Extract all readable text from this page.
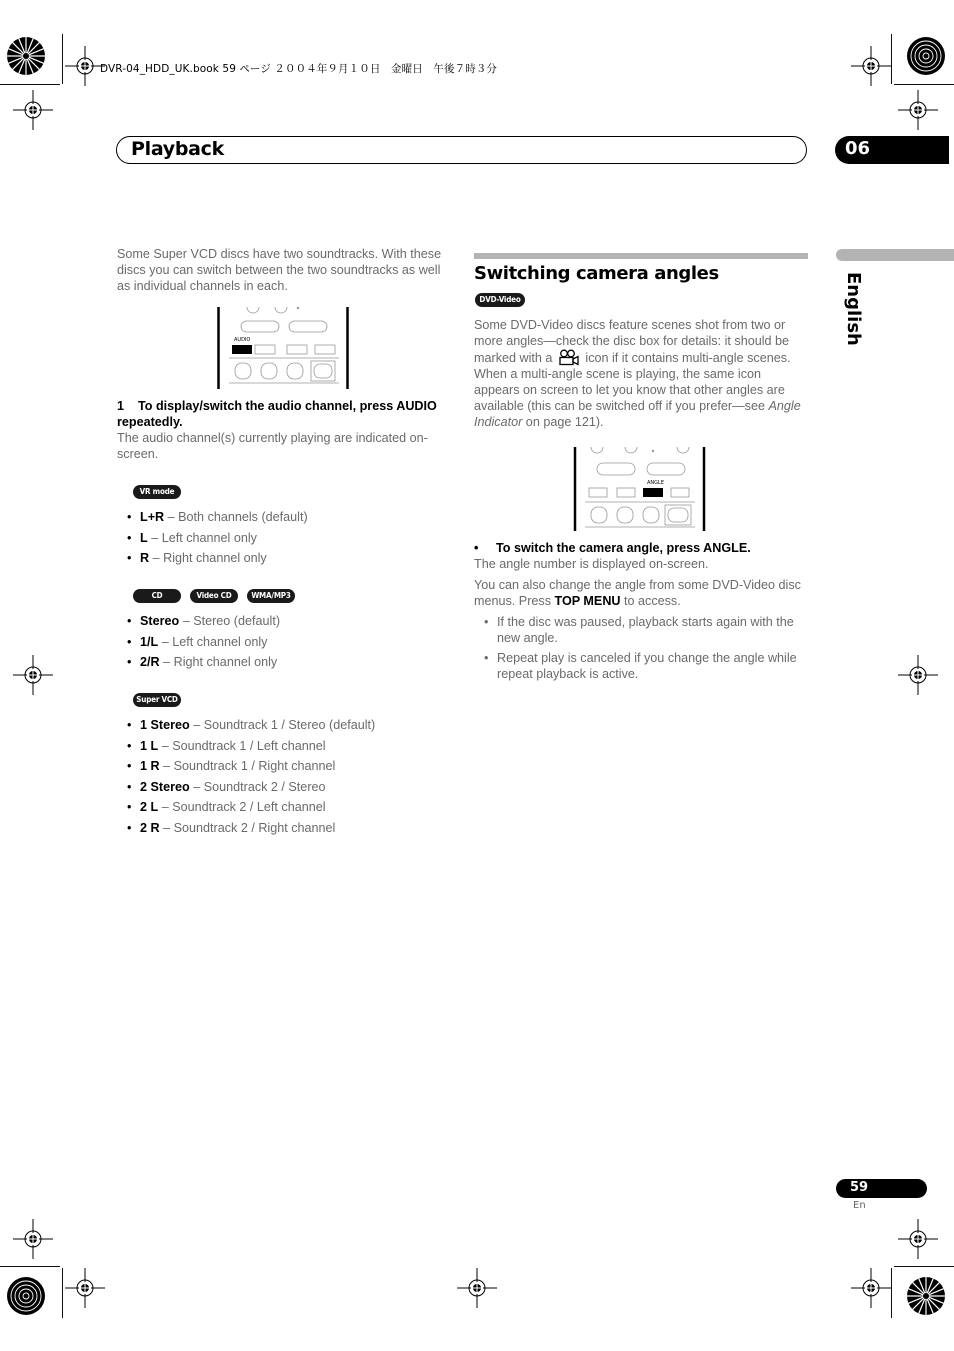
DVR-04_HDD_UK.book 59 ページ ２００４年９月１０日　金曜日　午後７時３分
Playback	06
English

Some Super VCD discs have two soundtracks. With these discs you can switch between the two soundtracks as well as individual channels in each.

AUDIO
1 To display/switch the audio channel, press AUDIO repeatedly.

The audio channel(s) currently playing are indicated on-screen.

VR mode
• L+R – Both channels (default)
• L – Left channel only
• R – Right channel only
CD	Video CD	WMA/MP3
• Stereo – Stereo (default)
• 1/L – Left channel only
• 2/R – Right channel only
Super VCD
• 1 Stereo – Soundtrack 1 / Stereo (default)
• 1 L – Soundtrack 1 / Left channel
• 1 R – Soundtrack 1 / Right channel
• 2 Stereo – Soundtrack 2 / Stereo
• 2 L – Soundtrack 2 / Left channel
• 2 R – Soundtrack 2 / Right channel
Switching camera angles
DVD-Video

Some DVD-Video discs feature scenes shot from two or more angles—check the disc box for details: it should be marked with a	icon if it contains multi-angle scenes. When a multi-angle scene is playing, the same icon appears on screen to let you know that other angles are available (this can be switched off if you prefer—see Angle Indicator on page 121).

ANGLE
• To switch the camera angle, press ANGLE.

The angle number is displayed on-screen.

You can also change the angle from some DVD-Video disc menus. Press TOP MENU to access.

• If the disc was paused, playback starts again with the new angle.
• Repeat play is canceled if you change the angle while repeat playback is active.
59
En
